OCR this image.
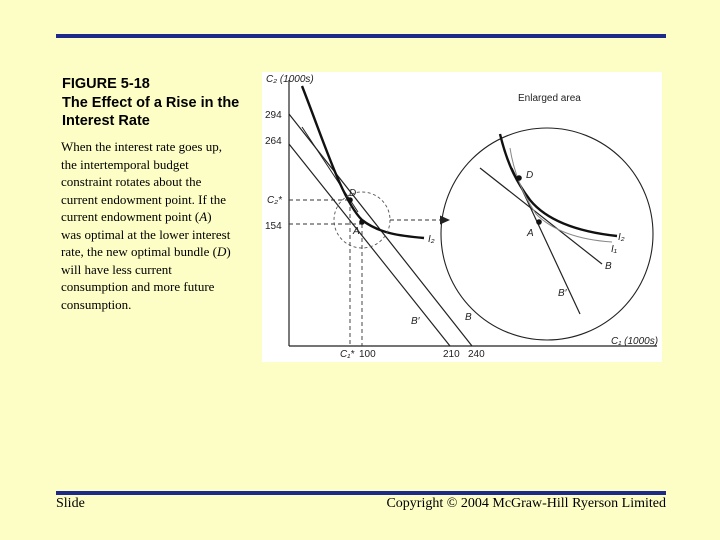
FIGURE 5-18
The Effect of a Rise in the Interest Rate
When the interest rate goes up, the intertemporal budget constraint rotates about the current endowment point. If the current endowment point (A) was optimal at the lower interest rate, the new optimal bundle (D) will have less current consumption and more future consumption.
C₂ (1000s)
C₁ (1000s)
294
264
C₂*
154
C₁* 100	210 240
D
A
I₂
B′	B
Enlarged area
D
A	I₂
I₁
B
B′
Slide	Copyright © 2004 McGraw-Hill Ryerson Limited
